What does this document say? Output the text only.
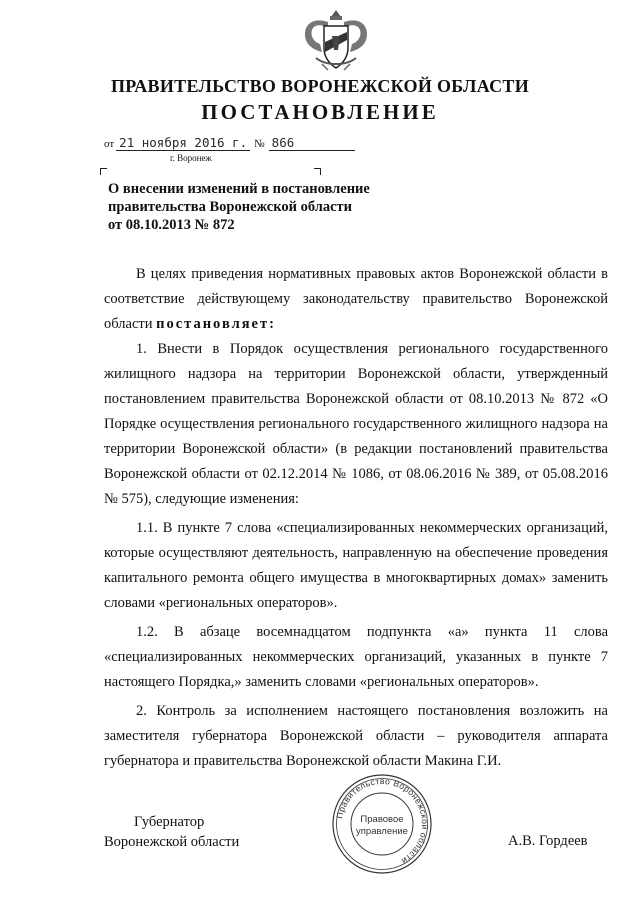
ПРАВИТЕЛЬСТВО ВОРОНЕЖСКОЙ ОБЛАСТИ
ПОСТАНОВЛЕНИЕ
от 21 ноября 2016 г. № 866
г. Воронеж
О внесении изменений в постановление
правительства Воронежской области
от 08.10.2013 № 872

В целях приведения нормативных правовых актов Воронежской области в соответствие действующему законодательству правительство Воронежской области постановляет:

1. Внести в Порядок осуществления регионального государственного жилищного надзора на территории Воронежской области, утвержденный постановлением правительства Воронежской области от 08.10.2013 № 872 «О Порядке осуществления регионального государственного жилищного надзора на территории Воронежской области» (в редакции постановлений правительства Воронежской области от 02.12.2014 № 1086, от 08.06.2016 № 389, от 05.08.2016 № 575), следующие изменения:

1.1. В пункте 7 слова «специализированных некоммерческих организаций, которые осуществляют деятельность, направленную на обеспечение проведения капитального ремонта общего имущества в многоквартирных домах» заменить словами «региональных операторов».

1.2. В абзаце восемнадцатом подпункта «а» пункта 11 слова «специализированных некоммерческих организаций, указанных в пункте 7 настоящего Порядка,» заменить словами «региональных операторов».

2. Контроль за исполнением настоящего постановления возложить на заместителя губернатора Воронежской области – руководителя аппарата губернатора и правительства Воронежской области Макина Г.И.

Губернатор
Воронежской области	А.В. Гордеев
Правительство Воронежской области
Правовое
управление
